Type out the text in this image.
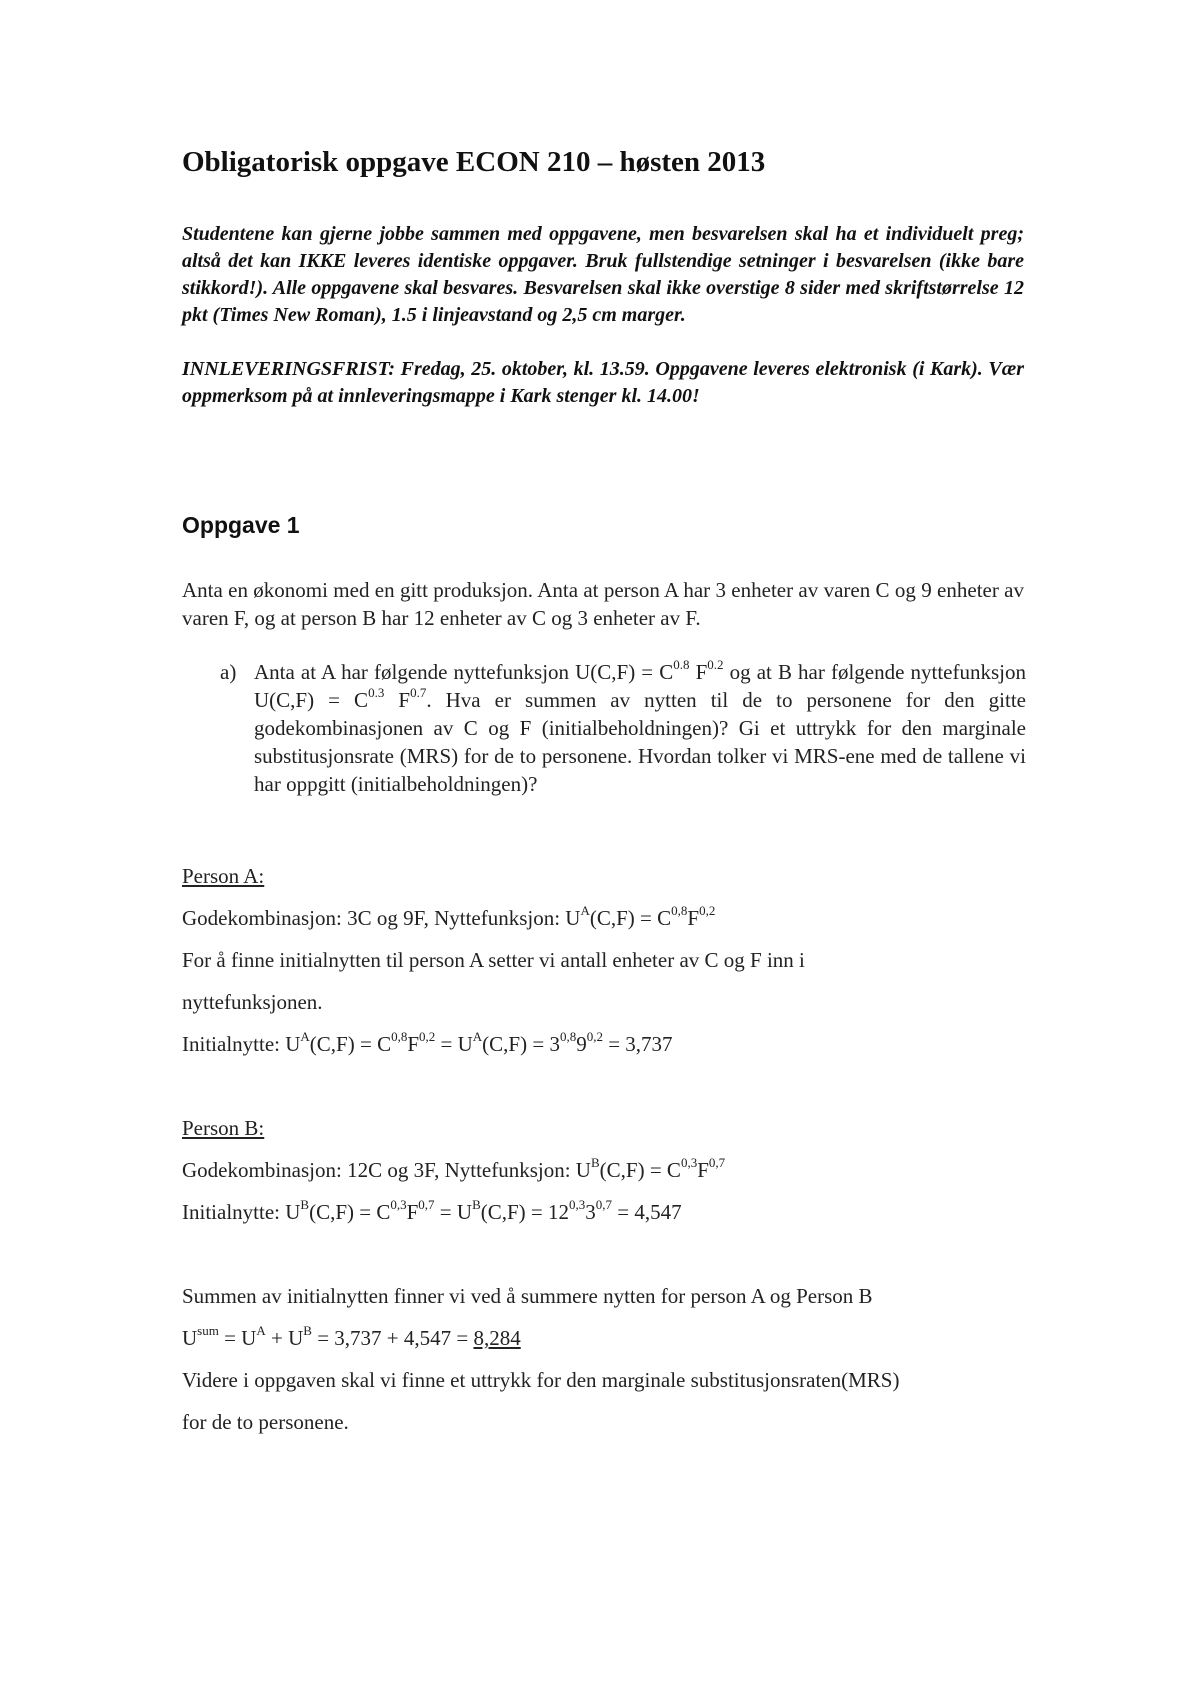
Obligatorisk oppgave ECON 210 – høsten 2013

Studentene kan gjerne jobbe sammen med oppgavene, men besvarelsen skal ha et individuelt preg; altså det kan IKKE leveres identiske oppgaver. Bruk fullstendige setninger i besvarelsen (ikke bare stikkord!). Alle oppgavene skal besvares. Besvarelsen skal ikke overstige 8 sider med skriftstørrelse 12 pkt (Times New Roman), 1.5 i linjeavstand og 2,5 cm marger.

INNLEVERINGSFRIST: Fredag, 25. oktober, kl. 13.59. Oppgavene leveres elektronisk (i Kark). Vær oppmerksom på at innleveringsmappe i Kark stenger kl. 14.00!

Oppgave 1

Anta en økonomi med en gitt produksjon. Anta at person A har 3 enheter av varen C og 9 enheter av varen F, og at person B har 12 enheter av C og 3 enheter av F.

a) Anta at A har følgende nyttefunksjon $U(C,F) = C^{0.8}$ $F^{0.2}$ og at B har følgende nyttefunksjon $U(C,F) = C^{0.3}$ $F^{0.7}$. Hva er summen av nytten til de to personene for den gitte godekombinasjonen av C og F (initialbeholdningen)? Gi et uttrykk for den marginale substitusjonsrate (MRS) for de to personene. Hvordan tolker vi MRS-ene med de tallene vi har oppgitt (initialbeholdningen)?

Person A:

Godekombinasjon: 3C og 9F, Nyttefunksjon: $U^A(C,F) = C^{0,8}F^{0,2}$

For å finne initialnytten til person A setter vi antall enheter av C og F inn i

nyttefunksjonen.

Initialnytte: $U^A(C,F) = C^{0,8}F^{0,2} = U^A(C,F) = 3^{0,8}9^{0,2} = 3,737$

Person B:

Godekombinasjon: 12C og 3F, Nyttefunksjon: $U^B(C,F) = C^{0,3}F^{0,7}$

Initialnytte: $U^B(C,F) = C^{0,3}F^{0,7} = U^B(C,F) = 12^{0,3}3^{0,7} = 4,547$

Summen av initialnytten finner vi ved å summere nytten for person A og Person B

$U^{sum} = U^A + U^B = 3,737 + 4,547 = 8,284$

Videre i oppgaven skal vi finne et uttrykk for den marginale substitusjonsraten(MRS)

for de to personene.
